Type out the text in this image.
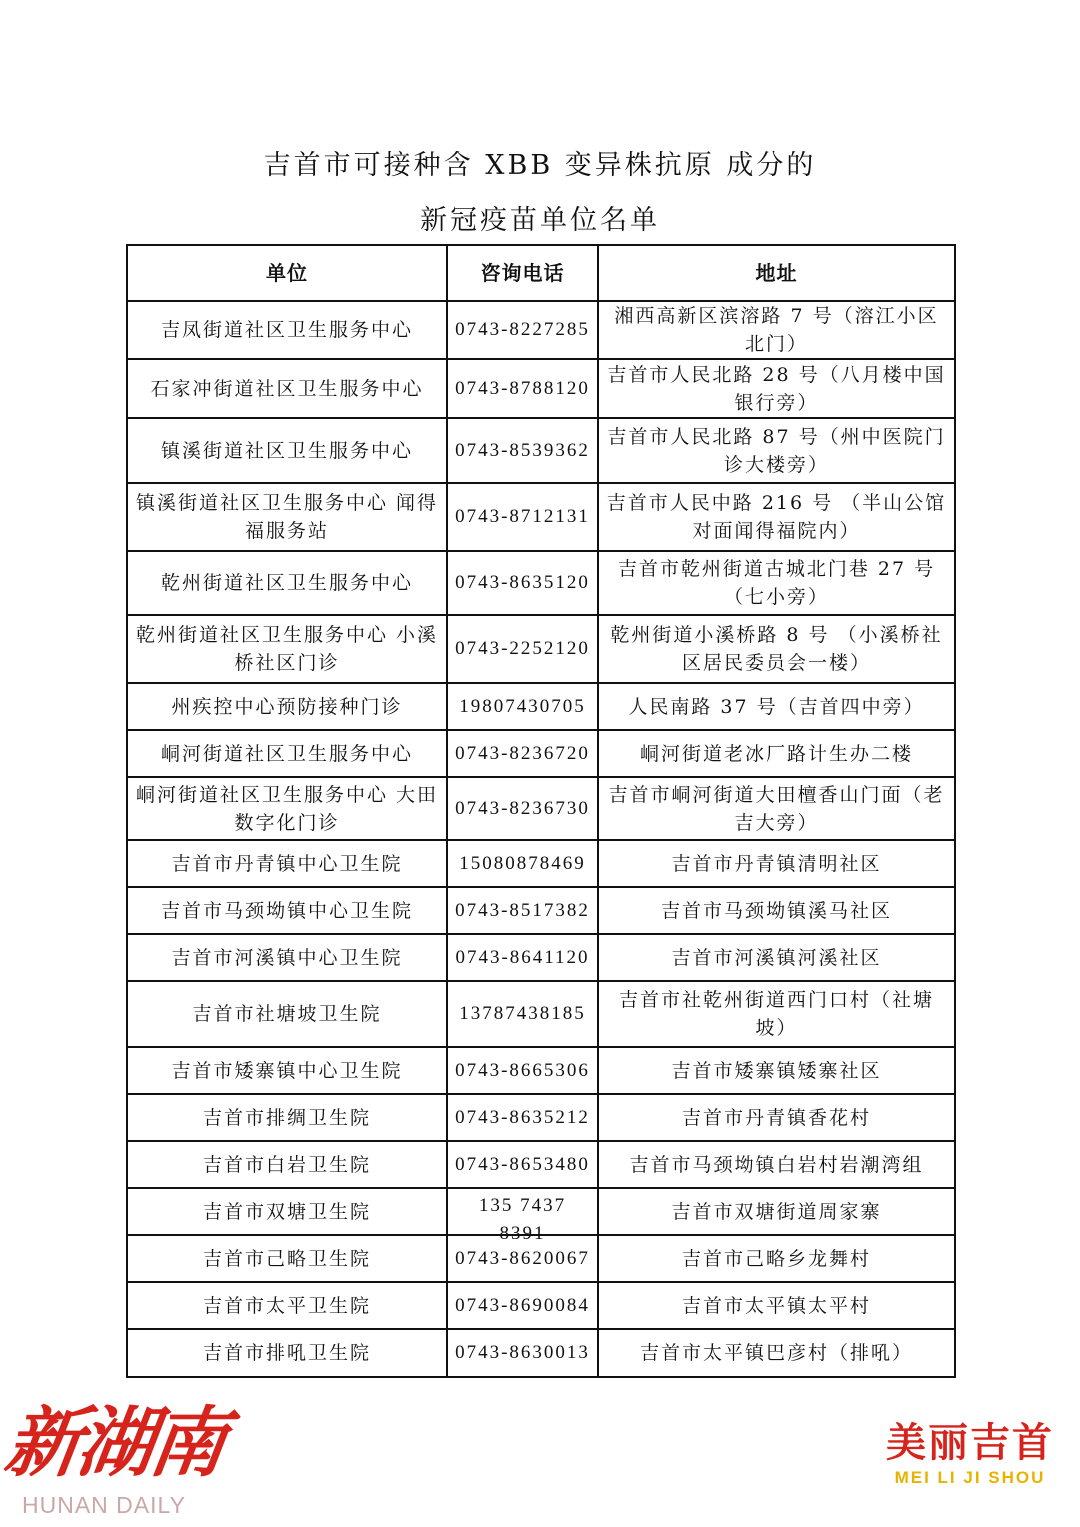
吉首市可接种含 XBB 变异株抗原 成分的
新冠疫苗单位名单
单位	咨询电话	地址
吉凤街道社区卫生服务中心	0743-8227285	湘西高新区滨溶路 7 号（溶江小区北门）
石家冲街道社区卫生服务中心	0743-8788120	吉首市人民北路 28 号（八月楼中国银行旁）
镇溪街道社区卫生服务中心	0743-8539362	吉首市人民北路 87 号（州中医院门诊大楼旁）
镇溪街道社区卫生服务中心 闻得福服务站	0743-8712131	吉首市人民中路 216 号 （半山公馆对面闻得福院内）
乾州街道社区卫生服务中心	0743-8635120	吉首市乾州街道古城北门巷 27 号（七小旁）
乾州街道社区卫生服务中心 小溪桥社区门诊	0743-2252120	乾州街道小溪桥路 8 号 （小溪桥社区居民委员会一楼）
州疾控中心预防接种门诊	19807430705	人民南路 37 号（吉首四中旁）
峒河街道社区卫生服务中心	0743-8236720	峒河街道老冰厂路计生办二楼
峒河街道社区卫生服务中心 大田数字化门诊	0743-8236730	吉首市峒河街道大田檀香山门面（老吉大旁）
吉首市丹青镇中心卫生院	15080878469	吉首市丹青镇清明社区
吉首市马颈坳镇中心卫生院	0743-8517382	吉首市马颈坳镇溪马社区
吉首市河溪镇中心卫生院	0743-8641120	吉首市河溪镇河溪社区
吉首市社塘坡卫生院	13787438185	吉首市社乾州街道西门口村（社塘坡）
吉首市矮寨镇中心卫生院	0743-8665306	吉首市矮寨镇矮寨社区
吉首市排绸卫生院	0743-8635212	吉首市丹青镇香花村
吉首市白岩卫生院	0743-8653480	吉首市马颈坳镇白岩村岩潮湾组
吉首市双塘卫生院	135 7437 8391	吉首市双塘街道周家寨
吉首市己略卫生院	0743-8620067	吉首市己略乡龙舞村
吉首市太平卫生院	0743-8690084	吉首市太平镇太平村
吉首市排吼卫生院	0743-8630013	吉首市太平镇巴彦村（排吼）
新湖南
HUNAN DAILY
美丽吉首
MEI LI JI SHOU
